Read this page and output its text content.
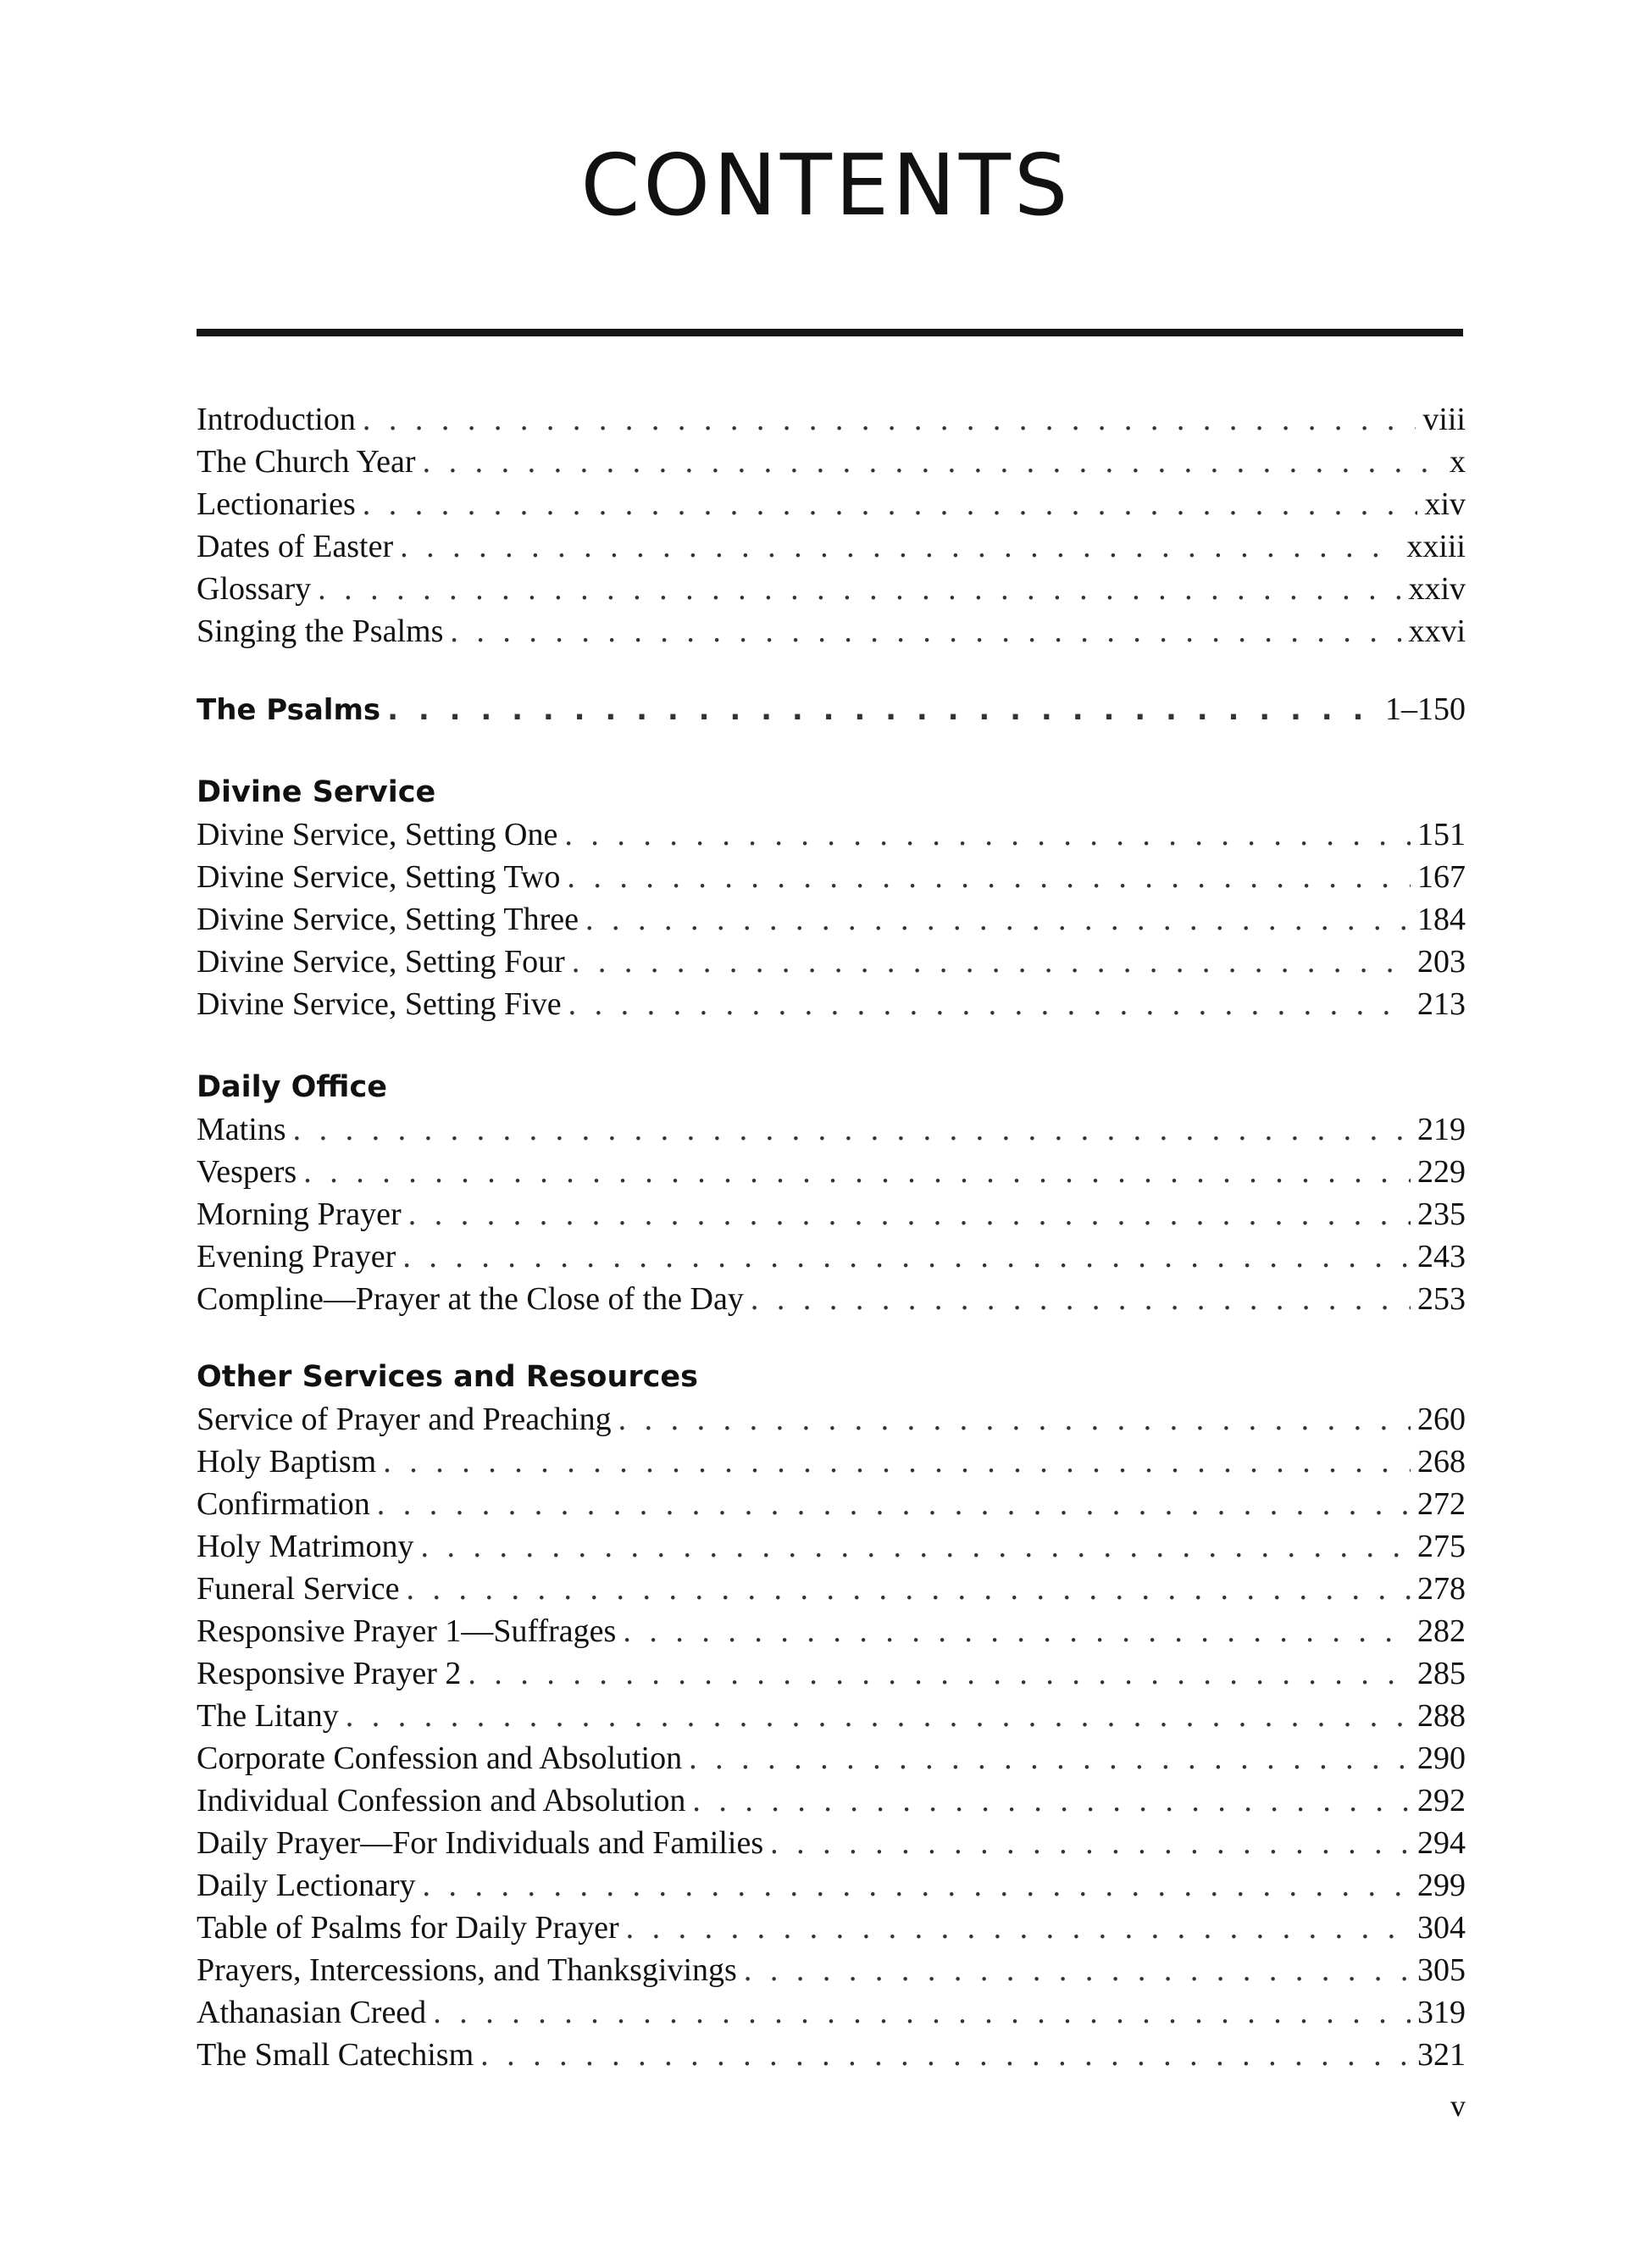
CONTENTS
Introduction . . .	viii
The Church Year . . .	x
Lectionaries . . .	xiv
Dates of Easter . . .	xxiii
Glossary . . .	xxiv
Singing the Psalms . . .	xxvi
The Psalms . . .	1–150
Divine Service
Divine Service, Setting One . . .	151
Divine Service, Setting Two . . .	167
Divine Service, Setting Three . . .	184
Divine Service, Setting Four . . .	203
Divine Service, Setting Five . . .	213
Daily Office
Matins . . .	219
Vespers . . .	229
Morning Prayer . . .	235
Evening Prayer . . .	243
Compline—Prayer at the Close of the Day . . .	253
Other Services and Resources
Service of Prayer and Preaching . . .	260
Holy Baptism . . .	268
Confirmation . . .	272
Holy Matrimony . . .	275
Funeral Service . . .	278
Responsive Prayer 1—Suffrages . . .	282
Responsive Prayer 2 . . .	285
The Litany . . .	288
Corporate Confession and Absolution . . .	290
Individual Confession and Absolution . . .	292
Daily Prayer—For Individuals and Families . . .	294
Daily Lectionary . . .	299
Table of Psalms for Daily Prayer . . .	304
Prayers, Intercessions, and Thanksgivings . . .	305
Athanasian Creed . . .	319
The Small Catechism . . .	321
v
